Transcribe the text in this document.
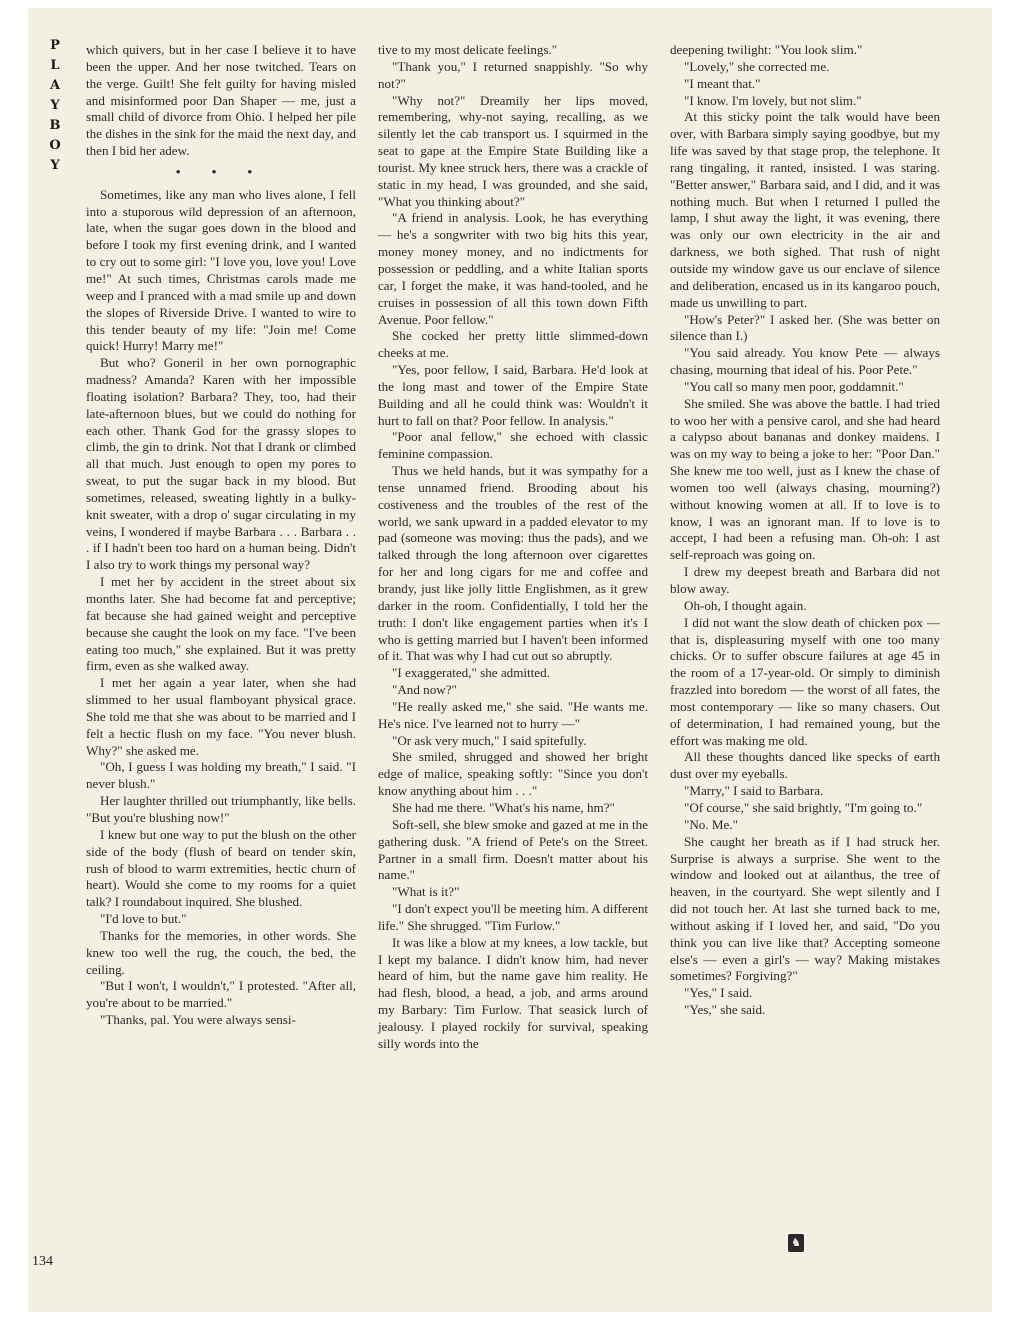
PLAYBOY

which quivers, but in her case I believe it to have been the upper. And her nose twitched. Tears on the verge. Guilt! She felt guilty for having misled and misinformed poor Dan Shaper — me, just a small child of divorce from Ohio. I helped her pile the dishes in the sink for the maid the next day, and then I bid her adew.

• • •

Sometimes, like any man who lives alone, I fell into a stuporous wild depression of an afternoon, late, when the sugar goes down in the blood and before I took my first evening drink, and I wanted to cry out to some girl: "I love you, love you! Love me!" At such times, Christmas carols made me weep and I pranced with a mad smile up and down the slopes of Riverside Drive. I wanted to wire to this tender beauty of my life: "Join me! Come quick! Hurry! Marry me!"

But who? Goneril in her own pornographic madness? Amanda? Karen with her impossible floating isolation? Barbara? They, too, had their late-afternoon blues, but we could do nothing for each other. Thank God for the grassy slopes to climb, the gin to drink. Not that I drank or climbed all that much. Just enough to open my pores to sweat, to put the sugar back in my blood. But sometimes, released, sweating lightly in a bulky-knit sweater, with a drop o' sugar circulating in my veins, I wondered if maybe Barbara . . . Barbara . . . if I hadn't been too hard on a human being. Didn't I also try to work things my personal way?

I met her by accident in the street about six months later. She had become fat and perceptive; fat because she had gained weight and perceptive because she caught the look on my face. "I've been eating too much," she explained. But it was pretty firm, even as she walked away.

I met her again a year later, when she had slimmed to her usual flamboyant physical grace. She told me that she was about to be married and I felt a hectic flush on my face. "You never blush. Why?" she asked me.

"Oh, I guess I was holding my breath," I said. "I never blush."

Her laughter thrilled out triumphantly, like bells. "But you're blushing now!"

I knew but one way to put the blush on the other side of the body (flush of beard on tender skin, rush of blood to warm extremities, hectic churn of heart). Would she come to my rooms for a quiet talk? I roundabout inquired. She blushed.

"I'd love to but."

Thanks for the memories, in other words. She knew too well the rug, the couch, the bed, the ceiling.

"But I won't, I wouldn't," I protested. "After all, you're about to be married."

"Thanks, pal. You were always sensi-

tive to my most delicate feelings."

"Thank you," I returned snappishly. "So why not?"

"Why not?" Dreamily her lips moved, remembering, why-not saying, recalling, as we silently let the cab transport us. I squirmed in the seat to gape at the Empire State Building like a tourist. My knee struck hers, there was a crackle of static in my head, I was grounded, and she said, "What you thinking about?"

"A friend in analysis. Look, he has everything — he's a songwriter with two big hits this year, money money money, and no indictments for possession or peddling, and a white Italian sports car, I forget the make, it was hand-tooled, and he cruises in possession of all this town down Fifth Avenue. Poor fellow."

She cocked her pretty little slimmed-down cheeks at me.

"Yes, poor fellow, I said, Barbara. He'd look at the long mast and tower of the Empire State Building and all he could think was: Wouldn't it hurt to fall on that? Poor fellow. In analysis."

"Poor anal fellow," she echoed with classic feminine compassion.

Thus we held hands, but it was sympathy for a tense unnamed friend. Brooding about his costiveness and the troubles of the rest of the world, we sank upward in a padded elevator to my pad (someone was moving: thus the pads), and we talked through the long afternoon over cigarettes for her and long cigars for me and coffee and brandy, just like jolly little Englishmen, as it grew darker in the room. Confidentially, I told her the truth: I don't like engagement parties when it's I who is getting married but I haven't been informed of it. That was why I had cut out so abruptly.

"I exaggerated," she admitted.

"And now?"

"He really asked me," she said. "He wants me. He's nice. I've learned not to hurry —"

"Or ask very much," I said spitefully.

She smiled, shrugged and showed her bright edge of malice, speaking softly: "Since you don't know anything about him . . ."

She had me there. "What's his name, hm?"

Soft-sell, she blew smoke and gazed at me in the gathering dusk. "A friend of Pete's on the Street. Partner in a small firm. Doesn't matter about his name."

"What is it?"

"I don't expect you'll be meeting him. A different life." She shrugged. "Tim Furlow."

It was like a blow at my knees, a low tackle, but I kept my balance. I didn't know him, had never heard of him, but the name gave him reality. He had flesh, blood, a head, a job, and arms around my Barbary: Tim Furlow. That seasick lurch of jealousy. I played rockily for survival, speaking silly words into the

deepening twilight: "You look slim."

"Lovely," she corrected me.

"I meant that."

"I know. I'm lovely, but not slim."

At this sticky point the talk would have been over, with Barbara simply saying goodbye, but my life was saved by that stage prop, the telephone. It rang tingaling, it ranted, insisted. I was staring. "Better answer," Barbara said, and I did, and it was nothing much. But when I returned I pulled the lamp, I shut away the light, it was evening, there was only our own electricity in the air and darkness, we both sighed. That rush of night outside my window gave us our enclave of silence and deliberation, encased us in its kangaroo pouch, made us unwilling to part.

"How's Peter?" I asked her. (She was better on silence than I.)

"You said already. You know Pete — always chasing, mourning that ideal of his. Poor Pete."

"You call so many men poor, goddamnit."

She smiled. She was above the battle. I had tried to woo her with a pensive carol, and she had heard a calypso about bananas and donkey maidens. I was on my way to being a joke to her: "Poor Dan." She knew me too well, just as I knew the chase of women too well (always chasing, mourning?) without knowing women at all. If to love is to know, I was an ignorant man. If to love is to accept, I had been a refusing man. Oh-oh: I ast self-reproach was going on.

I drew my deepest breath and Barbara did not blow away.

Oh-oh, I thought again.

I did not want the slow death of chicken pox — that is, displeasuring myself with one too many chicks. Or to suffer obscure failures at age 45 in the room of a 17-year-old. Or simply to diminish frazzled into boredom — the worst of all fates, the most contemporary — like so many chasers. Out of determination, I had remained young, but the effort was making me old.

All these thoughts danced like specks of earth dust over my eyeballs.

"Marry," I said to Barbara.

"Of course," she said brightly, "I'm going to."

"No. Me."

She caught her breath as if I had struck her. Surprise is always a surprise. She went to the window and looked out at ailanthus, the tree of heaven, in the courtyard. She wept silently and I did not touch her. At last she turned back to me, without asking if I loved her, and said, "Do you think you can live like that? Accepting someone else's — even a girl's — way? Making mistakes sometimes? Forgiving?"

"Yes," I said.

"Yes," she said.

♞
134
